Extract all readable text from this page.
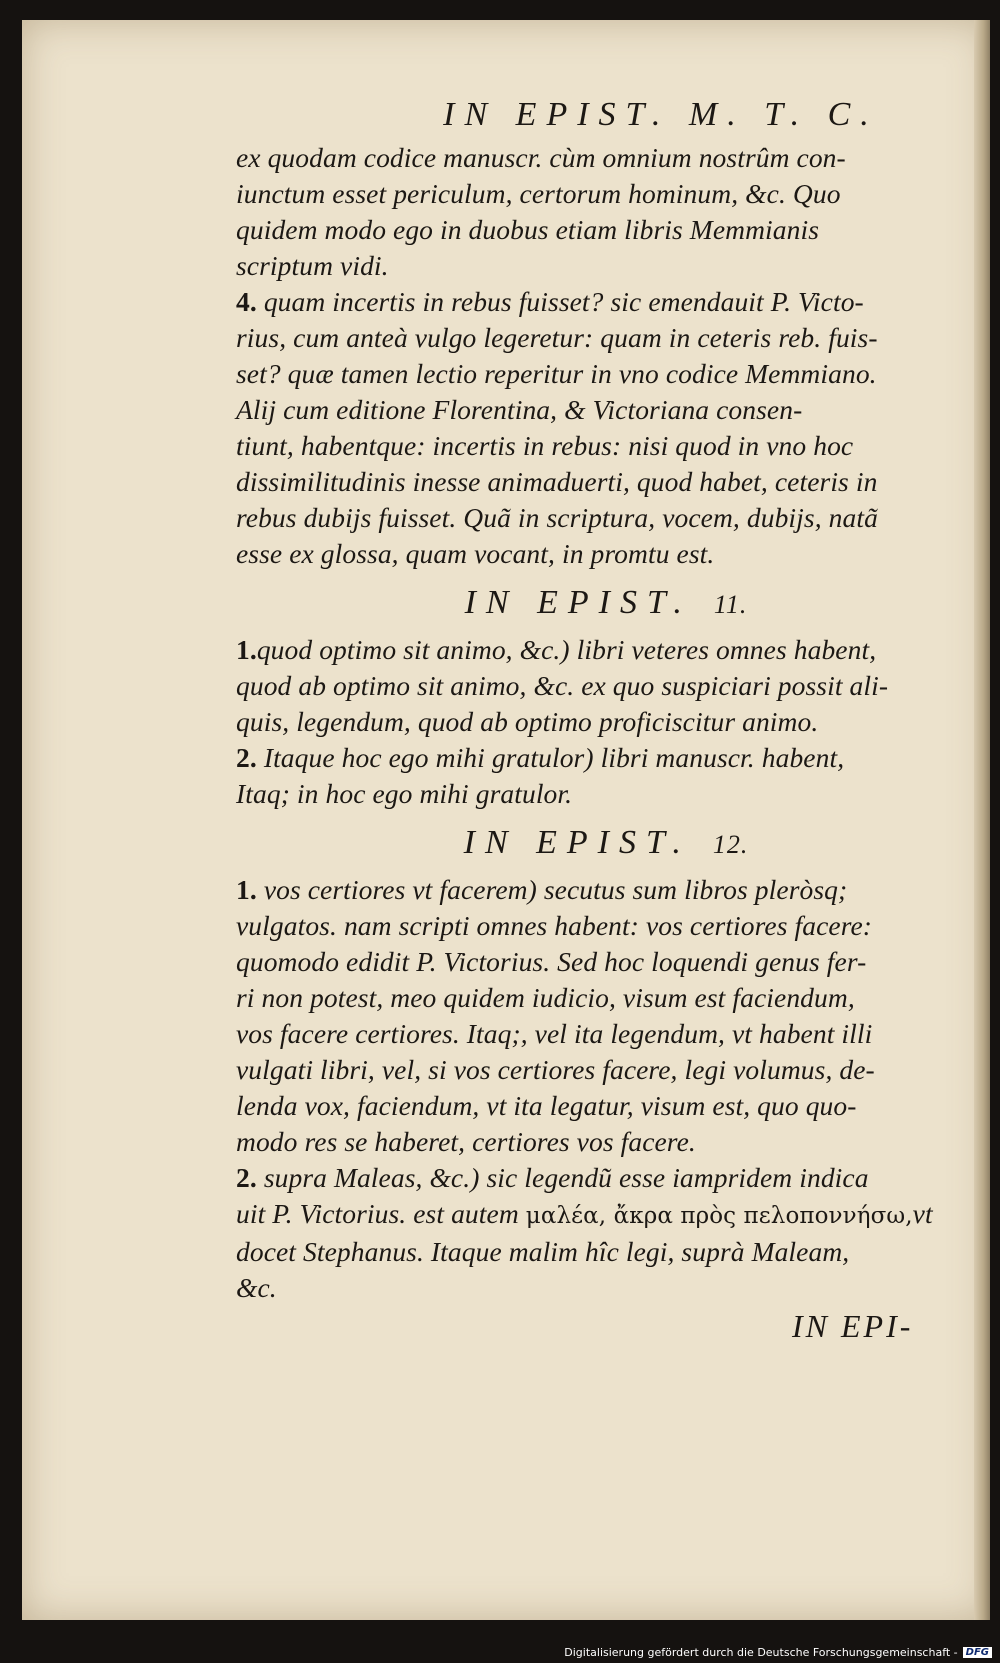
IN EPIST. M. T. C.

ex quodam codice manuscr. cùm omnium nostrûm con-
iunctum esset periculum, certorum hominum, &c. Quo
quidem modo ego in duobus etiam libris Memmianis
scriptum vidi.

4. quam incertis in rebus fuisset? sic emendauit P. Victo-
rius, cum anteà vulgo legeretur: quam in ceteris reb. fuis-
set? quæ tamen lectio reperitur in vno codice Memmiano.
Alij cum editione Florentina, & Victoriana consen-
tiunt, habentque: incertis in rebus: nisi quod in vno hoc
dissimilitudinis inesse animaduerti, quod habet, ceteris in
rebus dubijs fuisset. Quã in scriptura, vocem, dubijs, natã
esse ex glossa, quam vocant, in promtu est.

IN EPIST. 11.

1.quod optimo sit animo, &c.) libri veteres omnes habent,
quod ab optimo sit animo, &c. ex quo suspiciari possit ali-
quis, legendum, quod ab optimo proficiscitur animo.

2. Itaque hoc ego mihi gratulor) libri manuscr. habent,
Itaq; in hoc ego mihi gratulor.

IN EPIST. 12.

1. vos certiores vt facerem) secutus sum libros pleròsq;
vulgatos. nam scripti omnes habent: vos certiores facere:
quomodo edidit P. Victorius. Sed hoc loquendi genus fer-
ri non potest, meo quidem iudicio, visum est faciendum,
vos facere certiores. Itaq;, vel ita legendum, vt habent illi
vulgati libri, vel, si vos certiores facere, legi volumus, de-
lenda vox, faciendum, vt ita legatur, visum est, quo quo-
modo res se haberet, certiores vos facere.

2. supra Maleas, &c.) sic legendũ esse iampridem indica
uit P. Victorius. est autem μαλέα, ἄκρα πρὸς πελοποννήσω,vt
docet Stephanus. Itaque malim hîc legi, suprà Maleam,
&c.

IN EPI-
Digitalisierung gefördert durch die Deutsche Forschungsgemeinschaft - DFG
